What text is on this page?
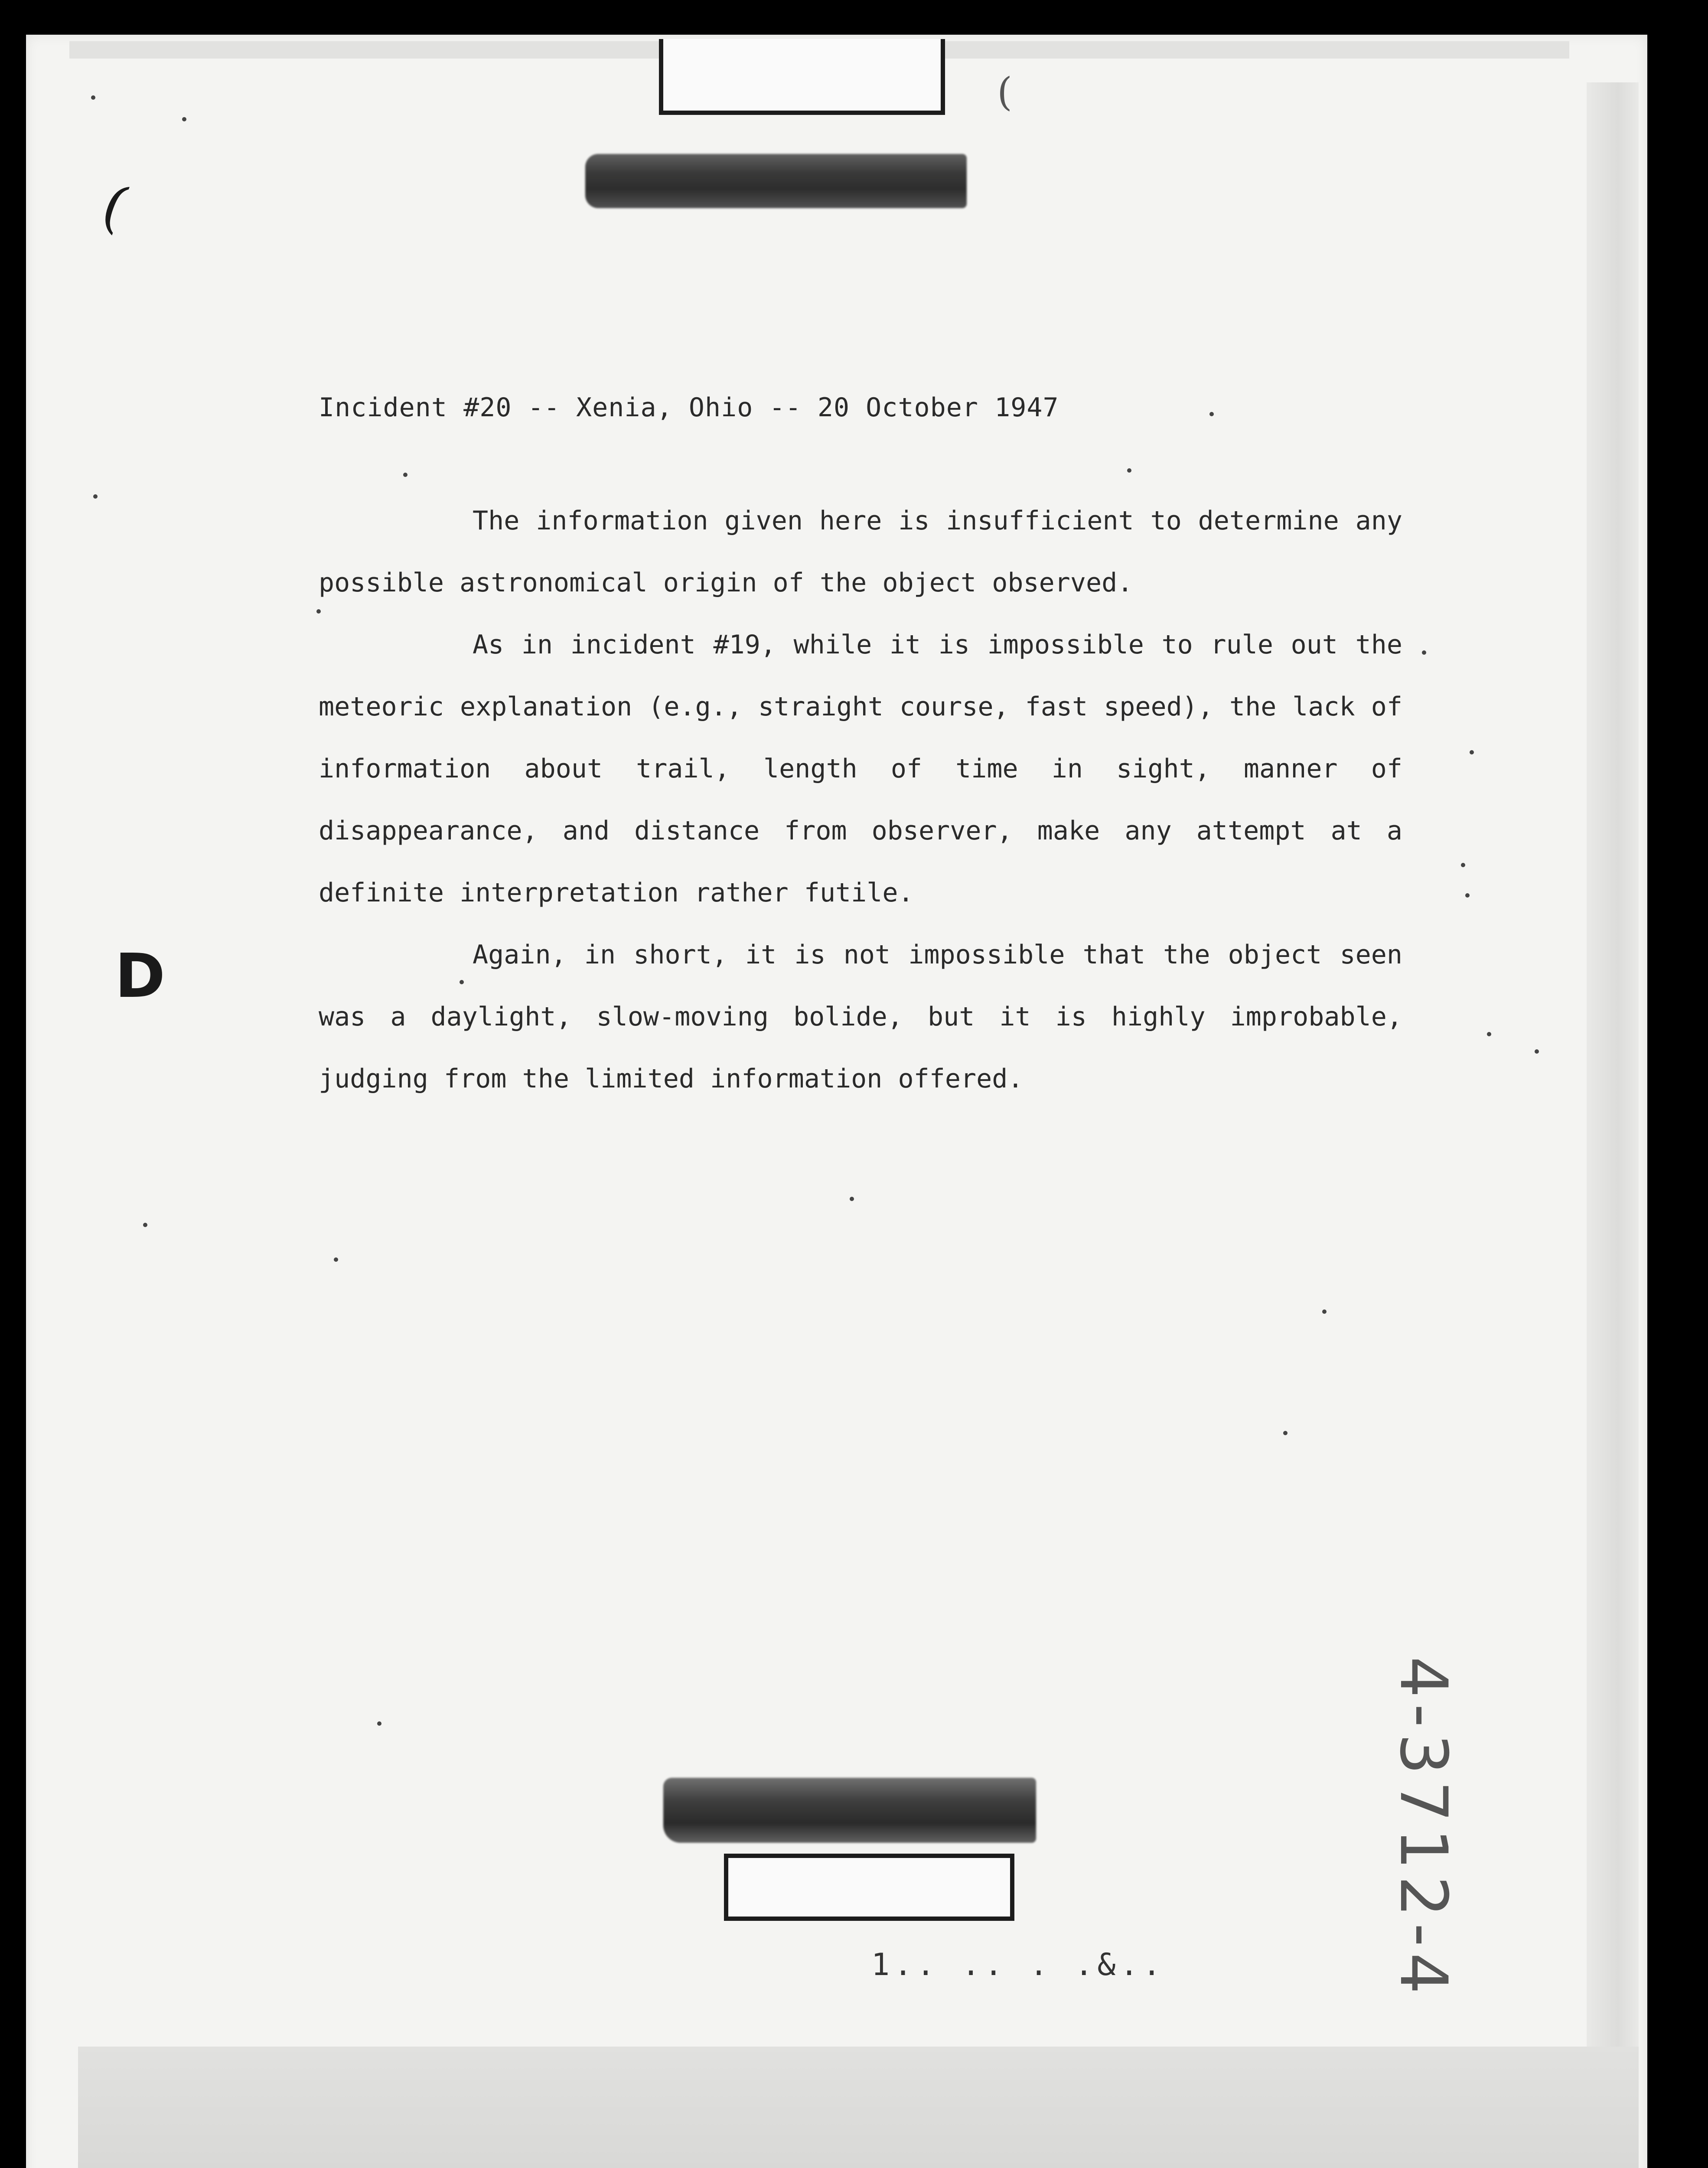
(
(
D
Incident #20 -- Xenia, Ohio -- 20 October 1947

The information given here is insufficient to determine any possible astronomical origin of the object observed.

As in incident #19, while it is impossible to rule out the meteoric explanation (e.g., straight course, fast speed), the lack of information about trail, length of time in sight, manner of disappearance, and distance from observer, make any attempt at a definite interpretation rather futile.

Again, in short, it is not impossible that the object seen was a daylight, slow-moving bolide, but it is highly improbable, judging from the limited information offered.

1.. .. . .&..	4-3712-4
